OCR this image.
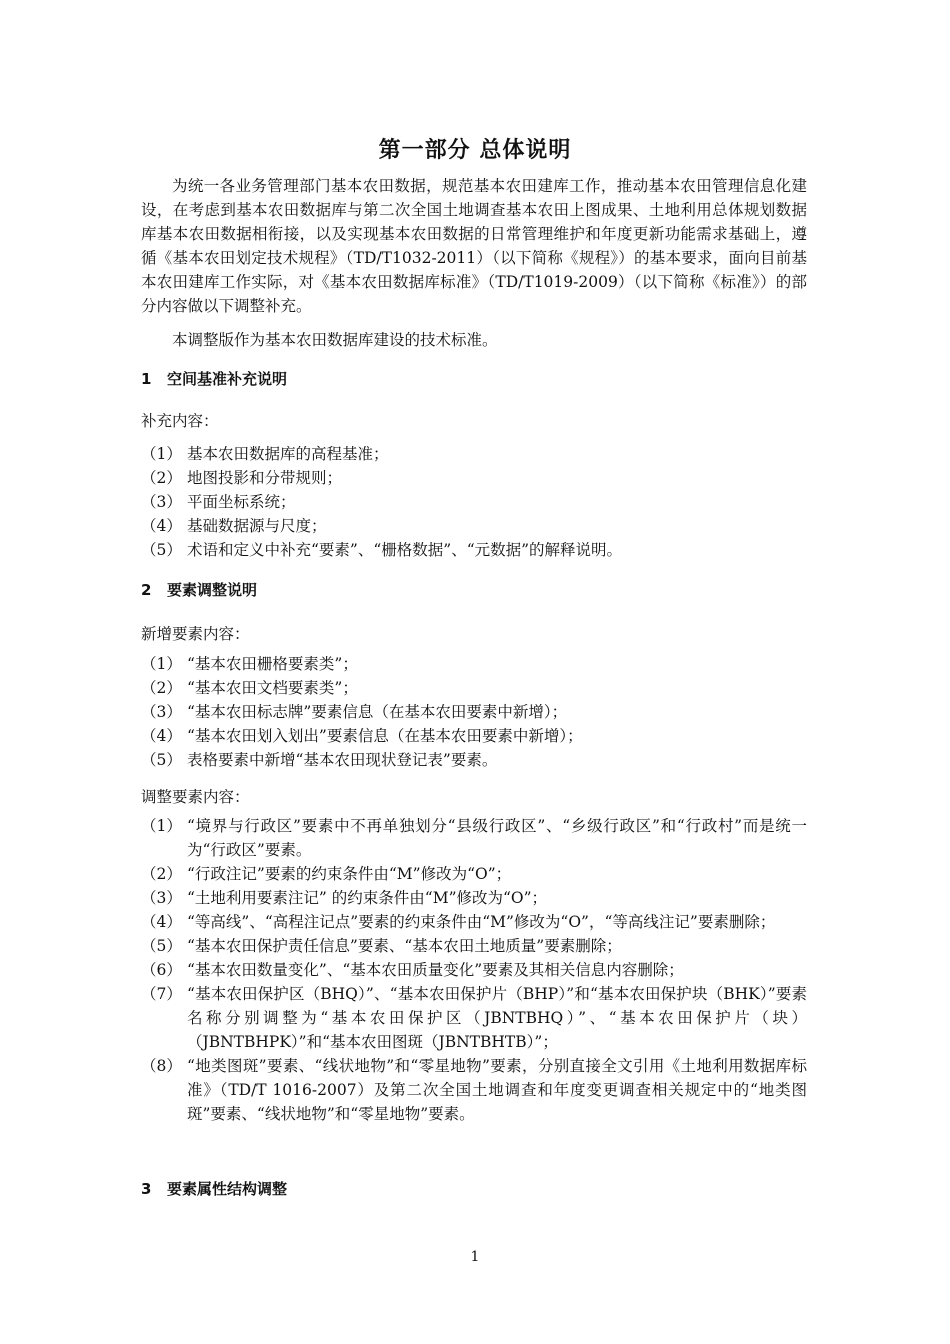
第一部分 总体说明

为统一各业务管理部门基本农田数据，规范基本农田建库工作，推动基本农田管理信息化建设，在考虑到基本农田数据库与第二次全国土地调查基本农田上图成果、土地利用总体规划数据库基本农田数据相衔接，以及实现基本农田数据的日常管理维护和年度更新功能需求基础上，遵循《基本农田划定技术规程》（TD/T1032-2011）（以下简称《规程》）的基本要求，面向目前基本农田建库工作实际，对《基本农田数据库标准》（TD/T1019-2009）（以下简称《标准》）的部分内容做以下调整补充。

本调整版作为基本农田数据库建设的技术标准。

1 空间基准补充说明

补充内容：

（1） 基本农田数据库的高程基准；
（2） 地图投影和分带规则；
（3） 平面坐标系统；
（4） 基础数据源与尺度；
（5） 术语和定义中补充“要素”、“栅格数据”、“元数据”的解释说明。
2 要素调整说明

新增要素内容：

（1） “基本农田栅格要素类”；
（2） “基本农田文档要素类”；
（3） “基本农田标志牌”要素信息（在基本农田要素中新增）；
（4） “基本农田划入划出”要素信息（在基本农田要素中新增）；
（5） 表格要素中新增“基本农田现状登记表”要素。

调整要素内容：

（1） “境界与行政区”要素中不再单独划分“县级行政区”、“乡级行政区”和“行政村”而是统一为“行政区”要素。
（2） “行政注记”要素的约束条件由“M”修改为“O”；
（3） “土地利用要素注记” 的约束条件由“M”修改为“O”；
（4） “等高线”、“高程注记点”要素的约束条件由“M”修改为“O”，“等高线注记”要素删除；
（5） “基本农田保护责任信息”要素、“基本农田土地质量”要素删除；
（6） “基本农田数量变化”、“基本农田质量变化”要素及其相关信息内容删除；
（7） “基本农田保护区（BHQ）”、“基本农田保护片（BHP）”和“基本农田保护块（BHK）”要素名称分别调整为“基本农田保护区（JBNTBHQ）”、“基本农田保护片（块）（JBNTBHPK）”和“基本农田图斑（JBNTBHTB）”；
（8） “地类图斑”要素、“线状地物”和“零星地物”要素，分别直接全文引用《土地利用数据库标准》（TD/T 1016-2007）及第二次全国土地调查和年度变更调查相关规定中的“地类图斑”要素、“线状地物”和“零星地物”要素。
3 要素属性结构调整
1
